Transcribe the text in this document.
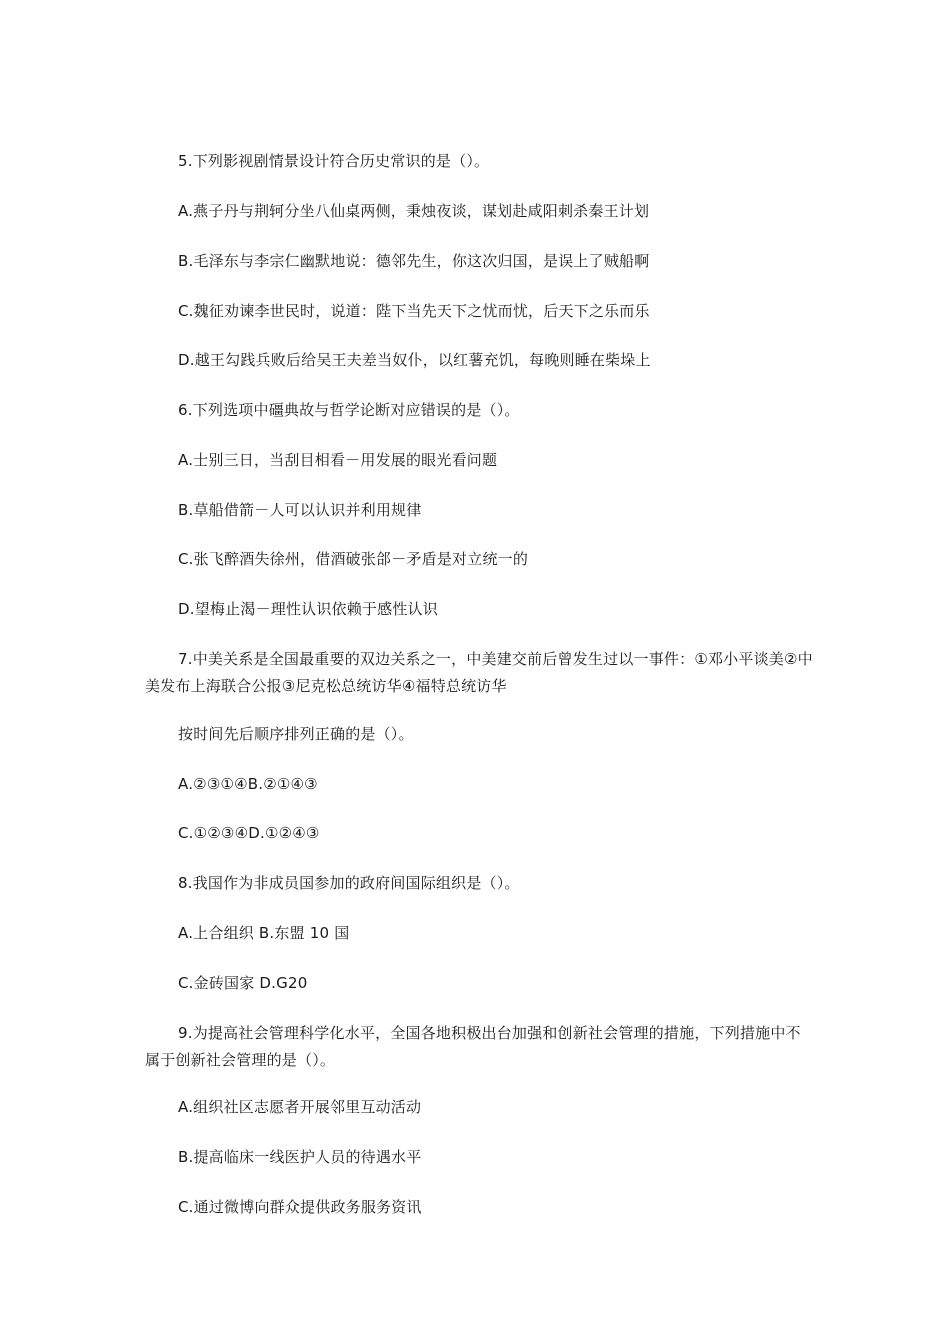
5.下列影视剧情景设计符合历史常识的是（）。
A.燕子丹与荆轲分坐八仙桌两侧，秉烛夜谈，谋划赴咸阳刺杀秦王计划
B.毛泽东与李宗仁幽默地说：德邻先生，你这次归国，是误上了贼船啊
C.魏征劝谏李世民时，说道：陛下当先天下之忧而忧，后天下之乐而乐
D.越王勾践兵败后给吴王夫差当奴仆，以红薯充饥，每晚则睡在柴垛上
6.下列选项中礓典故与哲学论断对应错误的是（）。
A.士别三日，当刮目相看－用发展的眼光看问题
B.草船借箭－人可以认识并利用规律
C.张飞醉酒失徐州，借酒破张郃－矛盾是对立统一的
D.望梅止渴－理性认识依赖于感性认识
7.中美关系是全国最重要的双边关系之一，中美建交前后曾发生过以一事件：①邓小平谈美②中美发布上海联合公报③尼克松总统访华④福特总统访华
按时间先后顺序排列正确的是（）。
A.②③①④B.②①④③
C.①②③④D.①②④③
8.我国作为非成员国参加的政府间国际组织是（）。
A.上合组织 B.东盟 10 国
C.金砖国家 D.G20
9.为提高社会管理科学化水平，全国各地积极出台加强和创新社会管理的措施，下列措施中不属于创新社会管理的是（）。
A.组织社区志愿者开展邻里互动活动
B.提高临床一线医护人员的待遇水平
C.通过微博向群众提供政务服务资讯
